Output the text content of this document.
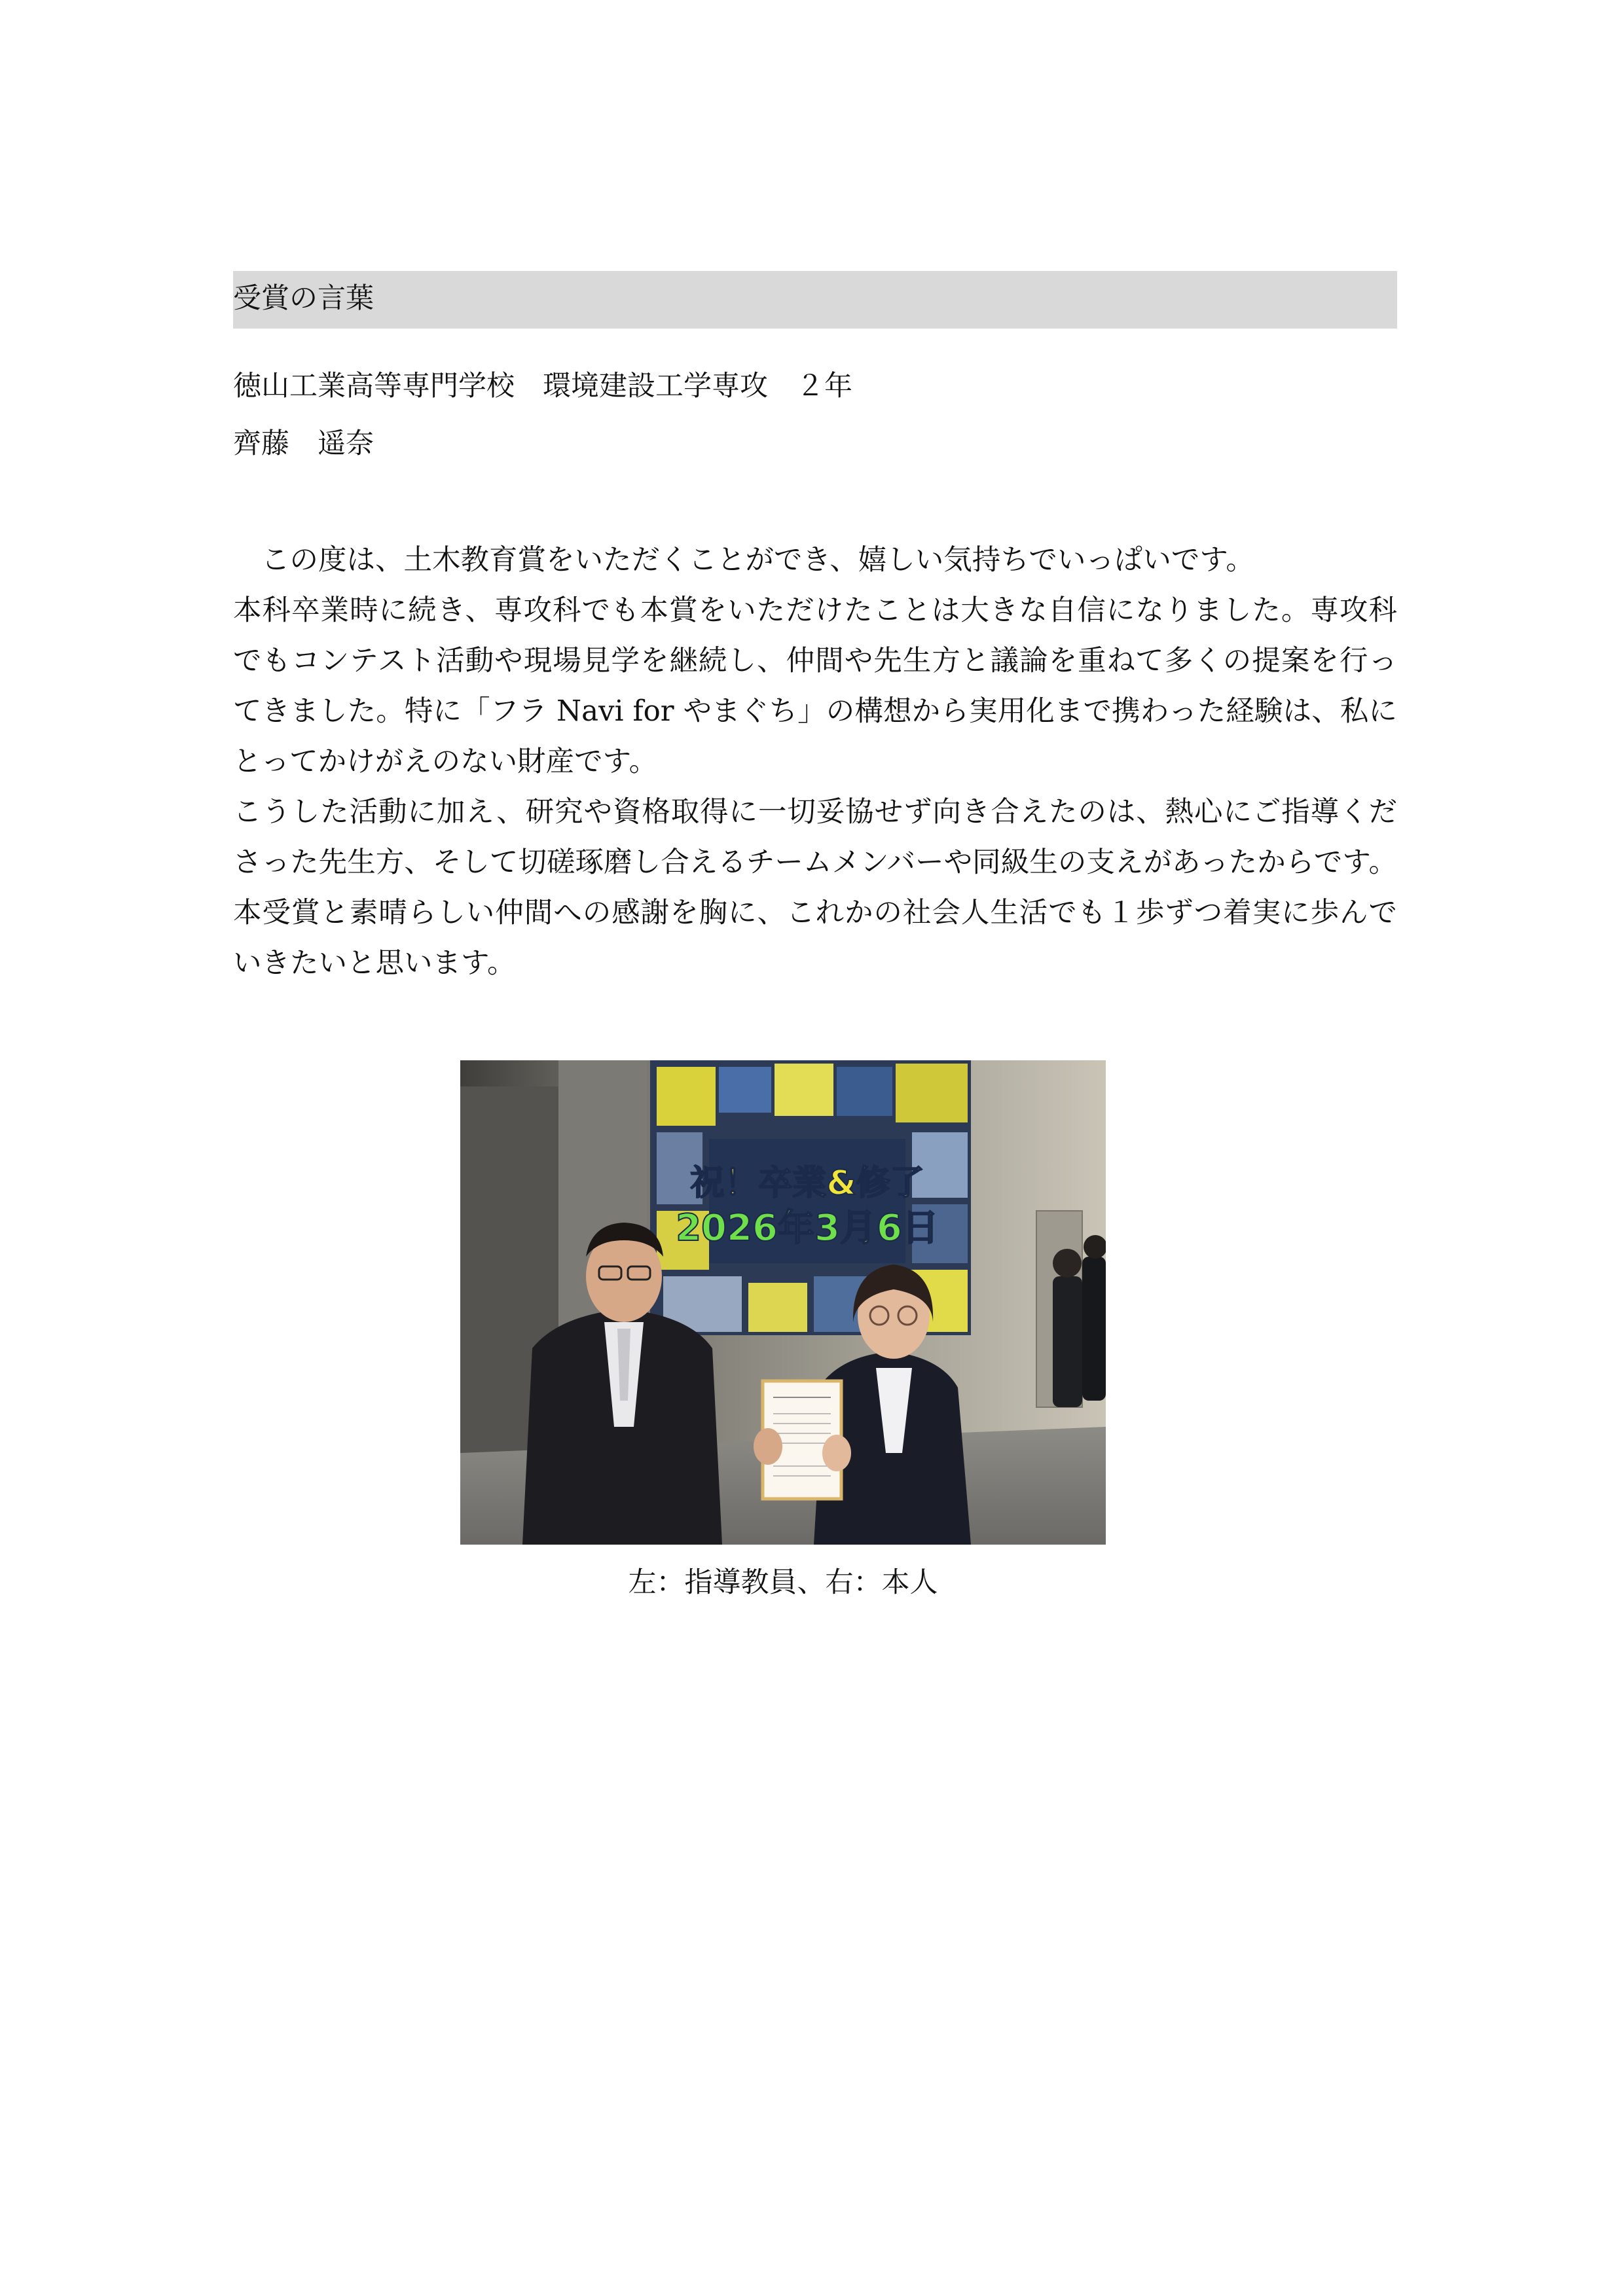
受賞の言葉
徳山工業高等専門学校　環境建設工学専攻　２年
齊藤　遥奈

この度は、土木教育賞をいただくことができ、嬉しい気持ちでいっぱいです。

本科卒業時に続き、専攻科でも本賞をいただけたことは大きな自信になりました。専攻科でもコンテスト活動や現場見学を継続し、仲間や先生方と議論を重ねて多くの提案を行ってきました。特に「フラ Navi for やまぐち」の構想から実用化まで携わった経験は、私にとってかけがえのない財産です。

こうした活動に加え、研究や資格取得に一切妥協せず向き合えたのは、熱心にご指導くださった先生方、そして切磋琢磨し合えるチームメンバーや同級生の支えがあったからです。本受賞と素晴らしい仲間への感謝を胸に、これかの社会人生活でも１歩ずつ着実に歩んでいきたいと思います。

祝！卒業&修了
2026年3月6日
左：指導教員、右：本人
